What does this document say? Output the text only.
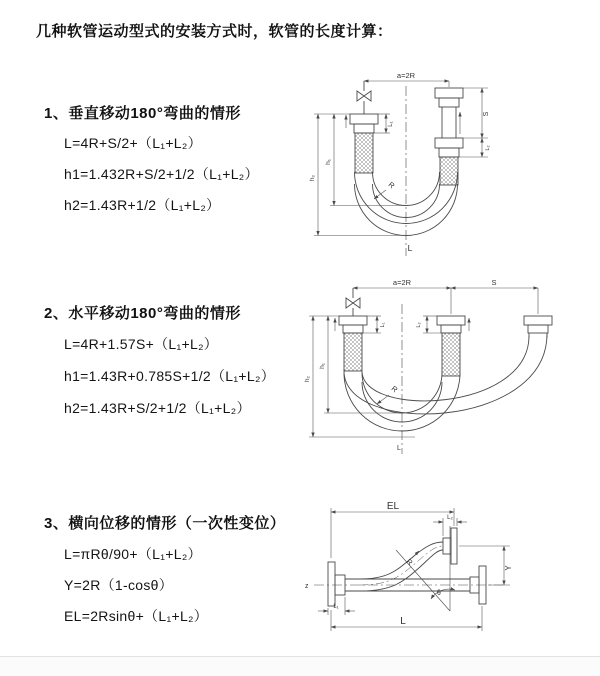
几种软管运动型式的安装方式时，软管的长度计算：
1、垂直移动180°弯曲的情形
L=4R+S/2+（L₁+L₂）
h1=1.432R+S/2+1/2（L₁+L₂）
h2=1.43R+1/2（L₁+L₂）
2、水平移动180°弯曲的情形
L=4R+1.57S+（L₁+L₂）
h1=1.43R+0.785S+1/2（L₁+L₂）
h2=1.43R+S/2+1/2（L₁+L₂）
3、横向位移的情形（一次性变位）
L=πRθ/90+（L₁+L₂）
Y=2R（1-cosθ）
EL=2Rsinθ+（L₁+L₂）
a=2R
L₁
S
L₂
h₁
h₂
R
L
a=2R	S
L₁	L₂
h₁
h₂
R
L
EL
L₂
z
Y
R
θ
L
L₁
